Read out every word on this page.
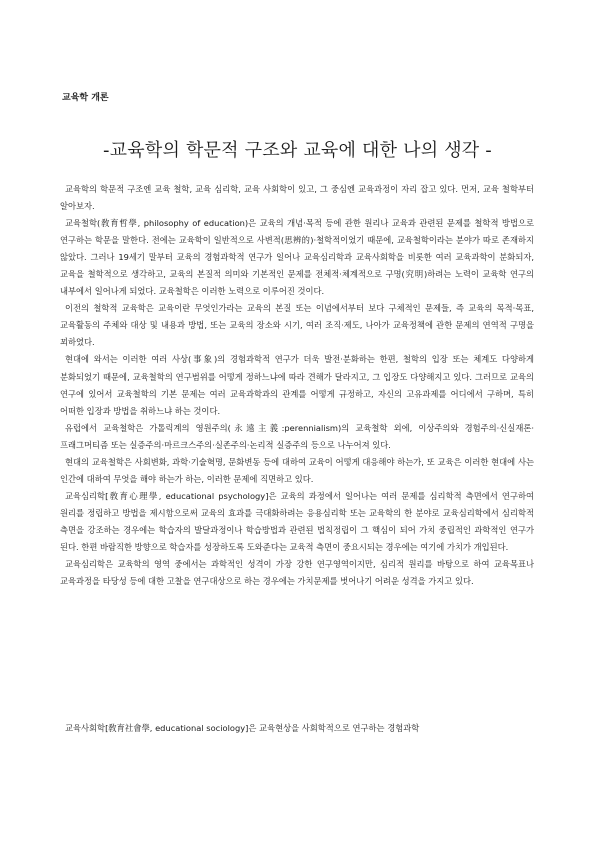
교육학 개론
-교육학의 학문적 구조와 교육에 대한 나의 생각 -

교육학의 학문적 구조엔 교육 철학, 교육 심리학, 교육 사회학이 있고, 그 중심엔 교육과정이 자리 잡고 있다. 먼저, 교육 철학부터 알아보자.

교육철학(敎育哲學, philosophy of education)은 교육의 개념·목적 등에 관한 원리나 교육과 관련된 문제를 철학적 방법으로 연구하는 학문을 말한다. 전에는 교육학이 일반적으로 사변적(思辨的)·철학적이었기 때문에, 교육철학이라는 분야가 따로 존재하지 않았다. 그러나 19세기 말부터 교육의 경험과학적 연구가 일어나 교육심리학과 교육사회학을 비롯한 여러 교육과학이 분화되자, 교육을 철학적으로 생각하고, 교육의 본질적 의미와 기본적인 문제를 전체적·체계적으로 구명(究明)하려는 노력이 교육학 연구의 내부에서 일어나게 되었다. 교육철학은 이러한 노력으로 이루어진 것이다.

이전의 철학적 교육학은 교육이란 무엇인가라는 교육의 본질 또는 이념에서부터 보다 구체적인 문제들, 즉 교육의 목적·목표, 교육활동의 주체와 대상 및 내용과 방법, 또는 교육의 장소와 시기, 여러 조직·제도, 나아가 교육정책에 관한 문제의 연역적 구명을 꾀하였다.

현대에 와서는 이러한 여러 사상(事象)의 경험과학적 연구가 더욱 발전·분화하는 한편, 철학의 입장 또는 체계도 다양하게 분화되었기 때문에, 교육철학의 연구범위를 어떻게 정하느냐에 따라 견해가 달라지고, 그 입장도 다양해지고 있다. 그러므로 교육의 연구에 있어서 교육철학의 기본 문제는 여러 교육과학과의 관계를 어떻게 규정하고, 자신의 고유과제를 어디에서 구하며, 특히 어떠한 입장과 방법을 취하느냐 하는 것이다.

유럽에서 교육철학은 가톨릭계의 영원주의(永遠主義:perennialism)의 교육철학 외에, 이상주의와 경험주의·신실재론·프래그머티즘 또는 실증주의·마르크스주의·실존주의·논리적 실증주의 등으로 나누어져 있다.

현대의 교육철학은 사회변화, 과학·기술혁명, 문화변동 등에 대하여 교육이 어떻게 대응해야 하는가, 또 교육은 이러한 현대에 사는 인간에 대하여 무엇을 해야 하는가 하는, 이러한 문제에 직면하고 있다.

교육심리학[敎育心理學, educational psychology]은 교육의 과정에서 일어나는 여러 문제를 심리학적 측면에서 연구하여 원리를 정립하고 방법을 제시함으로써 교육의 효과를 극대화하려는 응용심리학 또는 교육학의 한 분야로 교육심리학에서 심리학적 측면을 강조하는 경우에는 학습자의 발달과정이나 학습방법과 관련된 법칙정립이 그 핵심이 되어 가치 중립적인 과학적인 연구가 된다. 한편 바람직한 방향으로 학습자를 성장하도록 도와준다는 교육적 측면이 중요시되는 경우에는 여기에 가치가 개입된다.

교육심리학은 교육학의 영역 중에서는 과학적인 성격이 가장 강한 연구영역이지만, 심리적 원리를 바탕으로 하여 교육목표나 교육과정을 타당성 등에 대한 고찰을 연구대상으로 하는 경우에는 가치문제를 벗어나기 어려운 성격을 가지고 있다.

교육사회학[敎育社會學, educational sociology]은 교육현상을 사회학적으로 연구하는 경험과학
